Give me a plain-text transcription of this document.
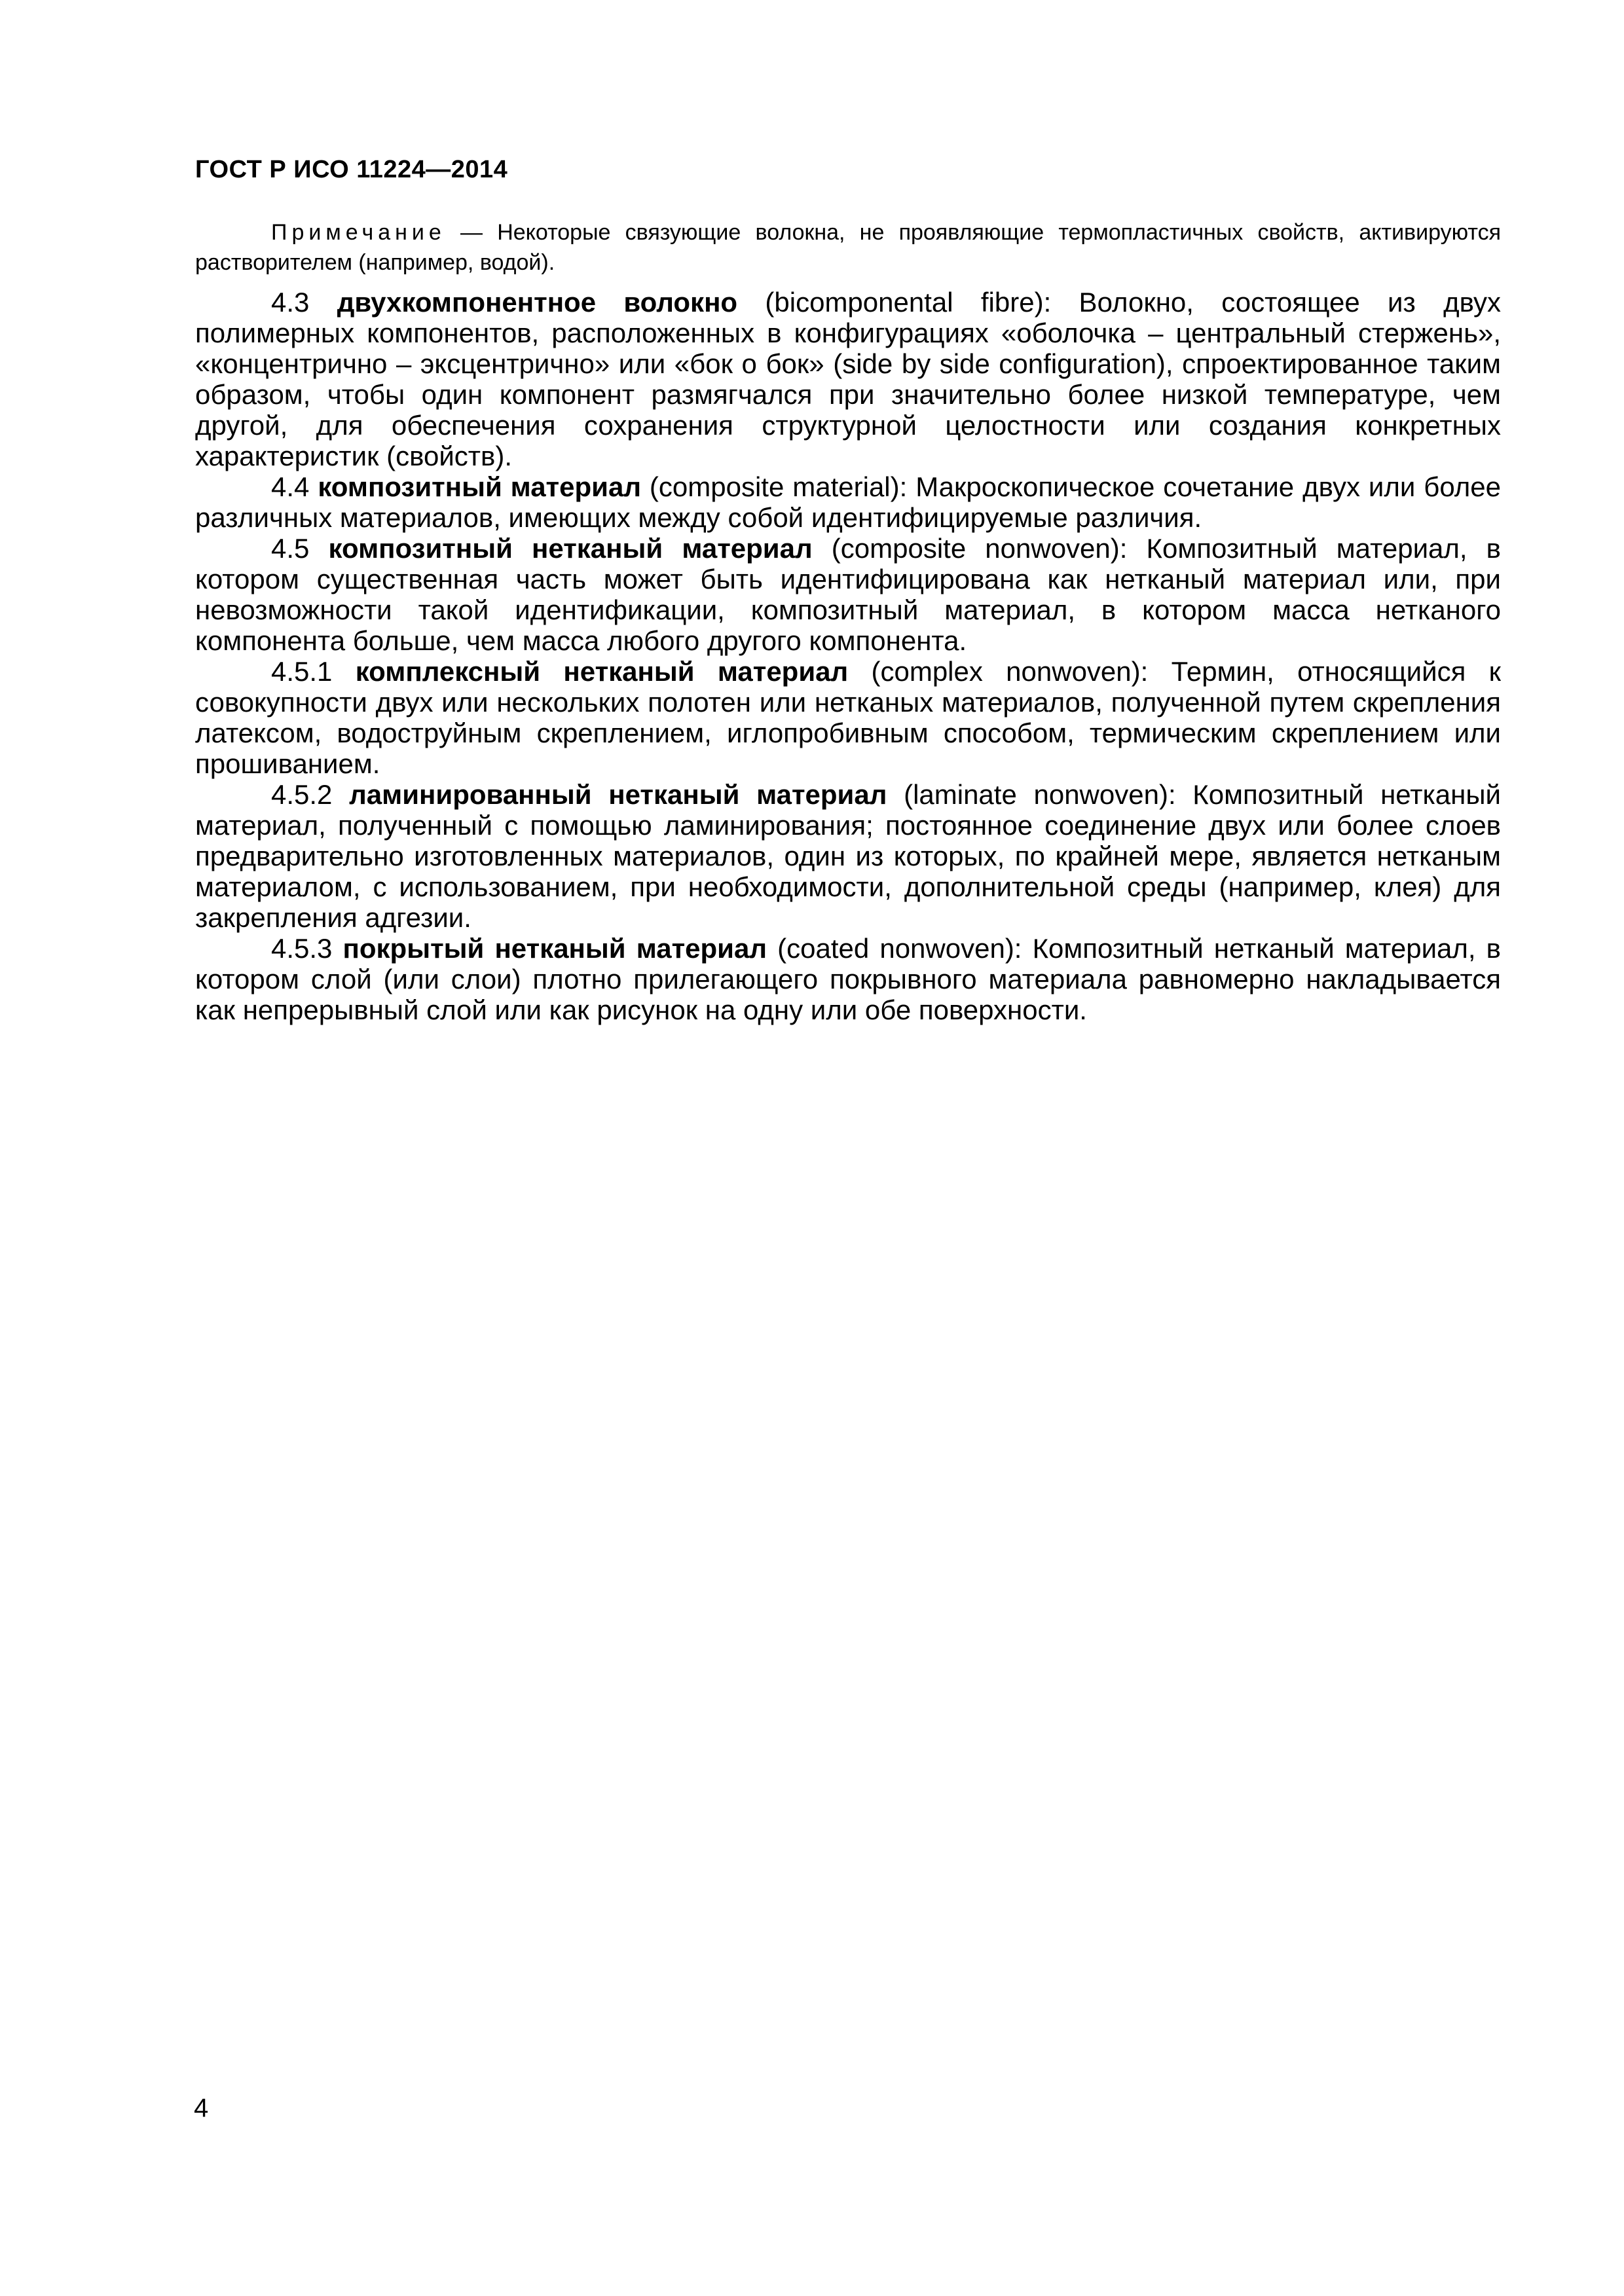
ГОСТ Р ИСО 11224—2014

Примечание — Некоторые связующие волокна, не проявляющие термопластичных свойств, активируются растворителем (например, водой).

4.3 двухкомпонентное волокно (bicomponental fibre): Волокно, состоящее из двух полимерных компонентов, расположенных в конфигурациях «оболочка – центральный стержень», «концентрично – эксцентрично» или «бок о бок» (side by side configuration), спроектированное таким образом, чтобы один компонент размягчался при значительно более низкой температуре, чем другой, для обеспечения сохранения структурной целостности или создания конкретных характеристик (свойств).

4.4 композитный материал (composite material): Макроскопическое сочетание двух или более различных материалов, имеющих между собой идентифицируемые различия.

4.5 композитный нетканый материал (composite nonwoven): Композитный материал, в котором существенная часть может быть идентифицирована как нетканый материал или, при невозможности такой идентификации, композитный материал, в котором масса нетканого компонента больше, чем масса любого другого компонента.

4.5.1 комплексный нетканый материал (complex nonwoven): Термин, относящийся к совокупности двух или нескольких полотен или нетканых материалов, полученной путем скрепления латексом, водоструйным скреплением, иглопробивным способом, термическим скреплением или прошиванием.

4.5.2 ламинированный нетканый материал (laminate nonwoven): Композитный нетканый материал, полученный с помощью ламинирования; постоянное соединение двух или более слоев предварительно изготовленных материалов, один из которых, по крайней мере, является нетканым материалом, с использованием, при необходимости, дополнительной среды (например, клея) для закрепления адгезии.

4.5.3 покрытый нетканый материал (coated nonwoven): Композитный нетканый материал, в котором слой (или слои) плотно прилегающего покрывного материала равномерно накладывается как непрерывный слой или как рисунок на одну или обе поверхности.

4
